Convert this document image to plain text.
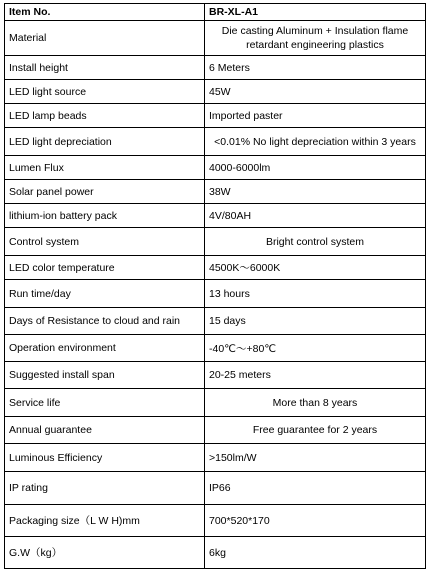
Item No.	BR-XL-A1
Material	Die casting Aluminum + Insulation flame retardant engineering plastics
Install height	6 Meters
LED light source	45W
LED lamp beads	Imported paster
LED light depreciation	<0.01% No light depreciation within 3 years
Lumen Flux	4000-6000lm
Solar panel power	38W
lithium-ion battery pack	4V/80AH
Control system	Bright control system
LED color temperature	4500K～6000K
Run time/day	13 hours
Days of Resistance to cloud and rain	15 days
Operation environment	-40℃～+80℃
Suggested install span	20-25 meters
Service life	More than 8 years
Annual guarantee	Free guarantee for 2 years
Luminous Efficiency	>150lm/W
IP rating	IP66
Packaging size（L W H)mm	700*520*170
G.W（kg）	6kg
